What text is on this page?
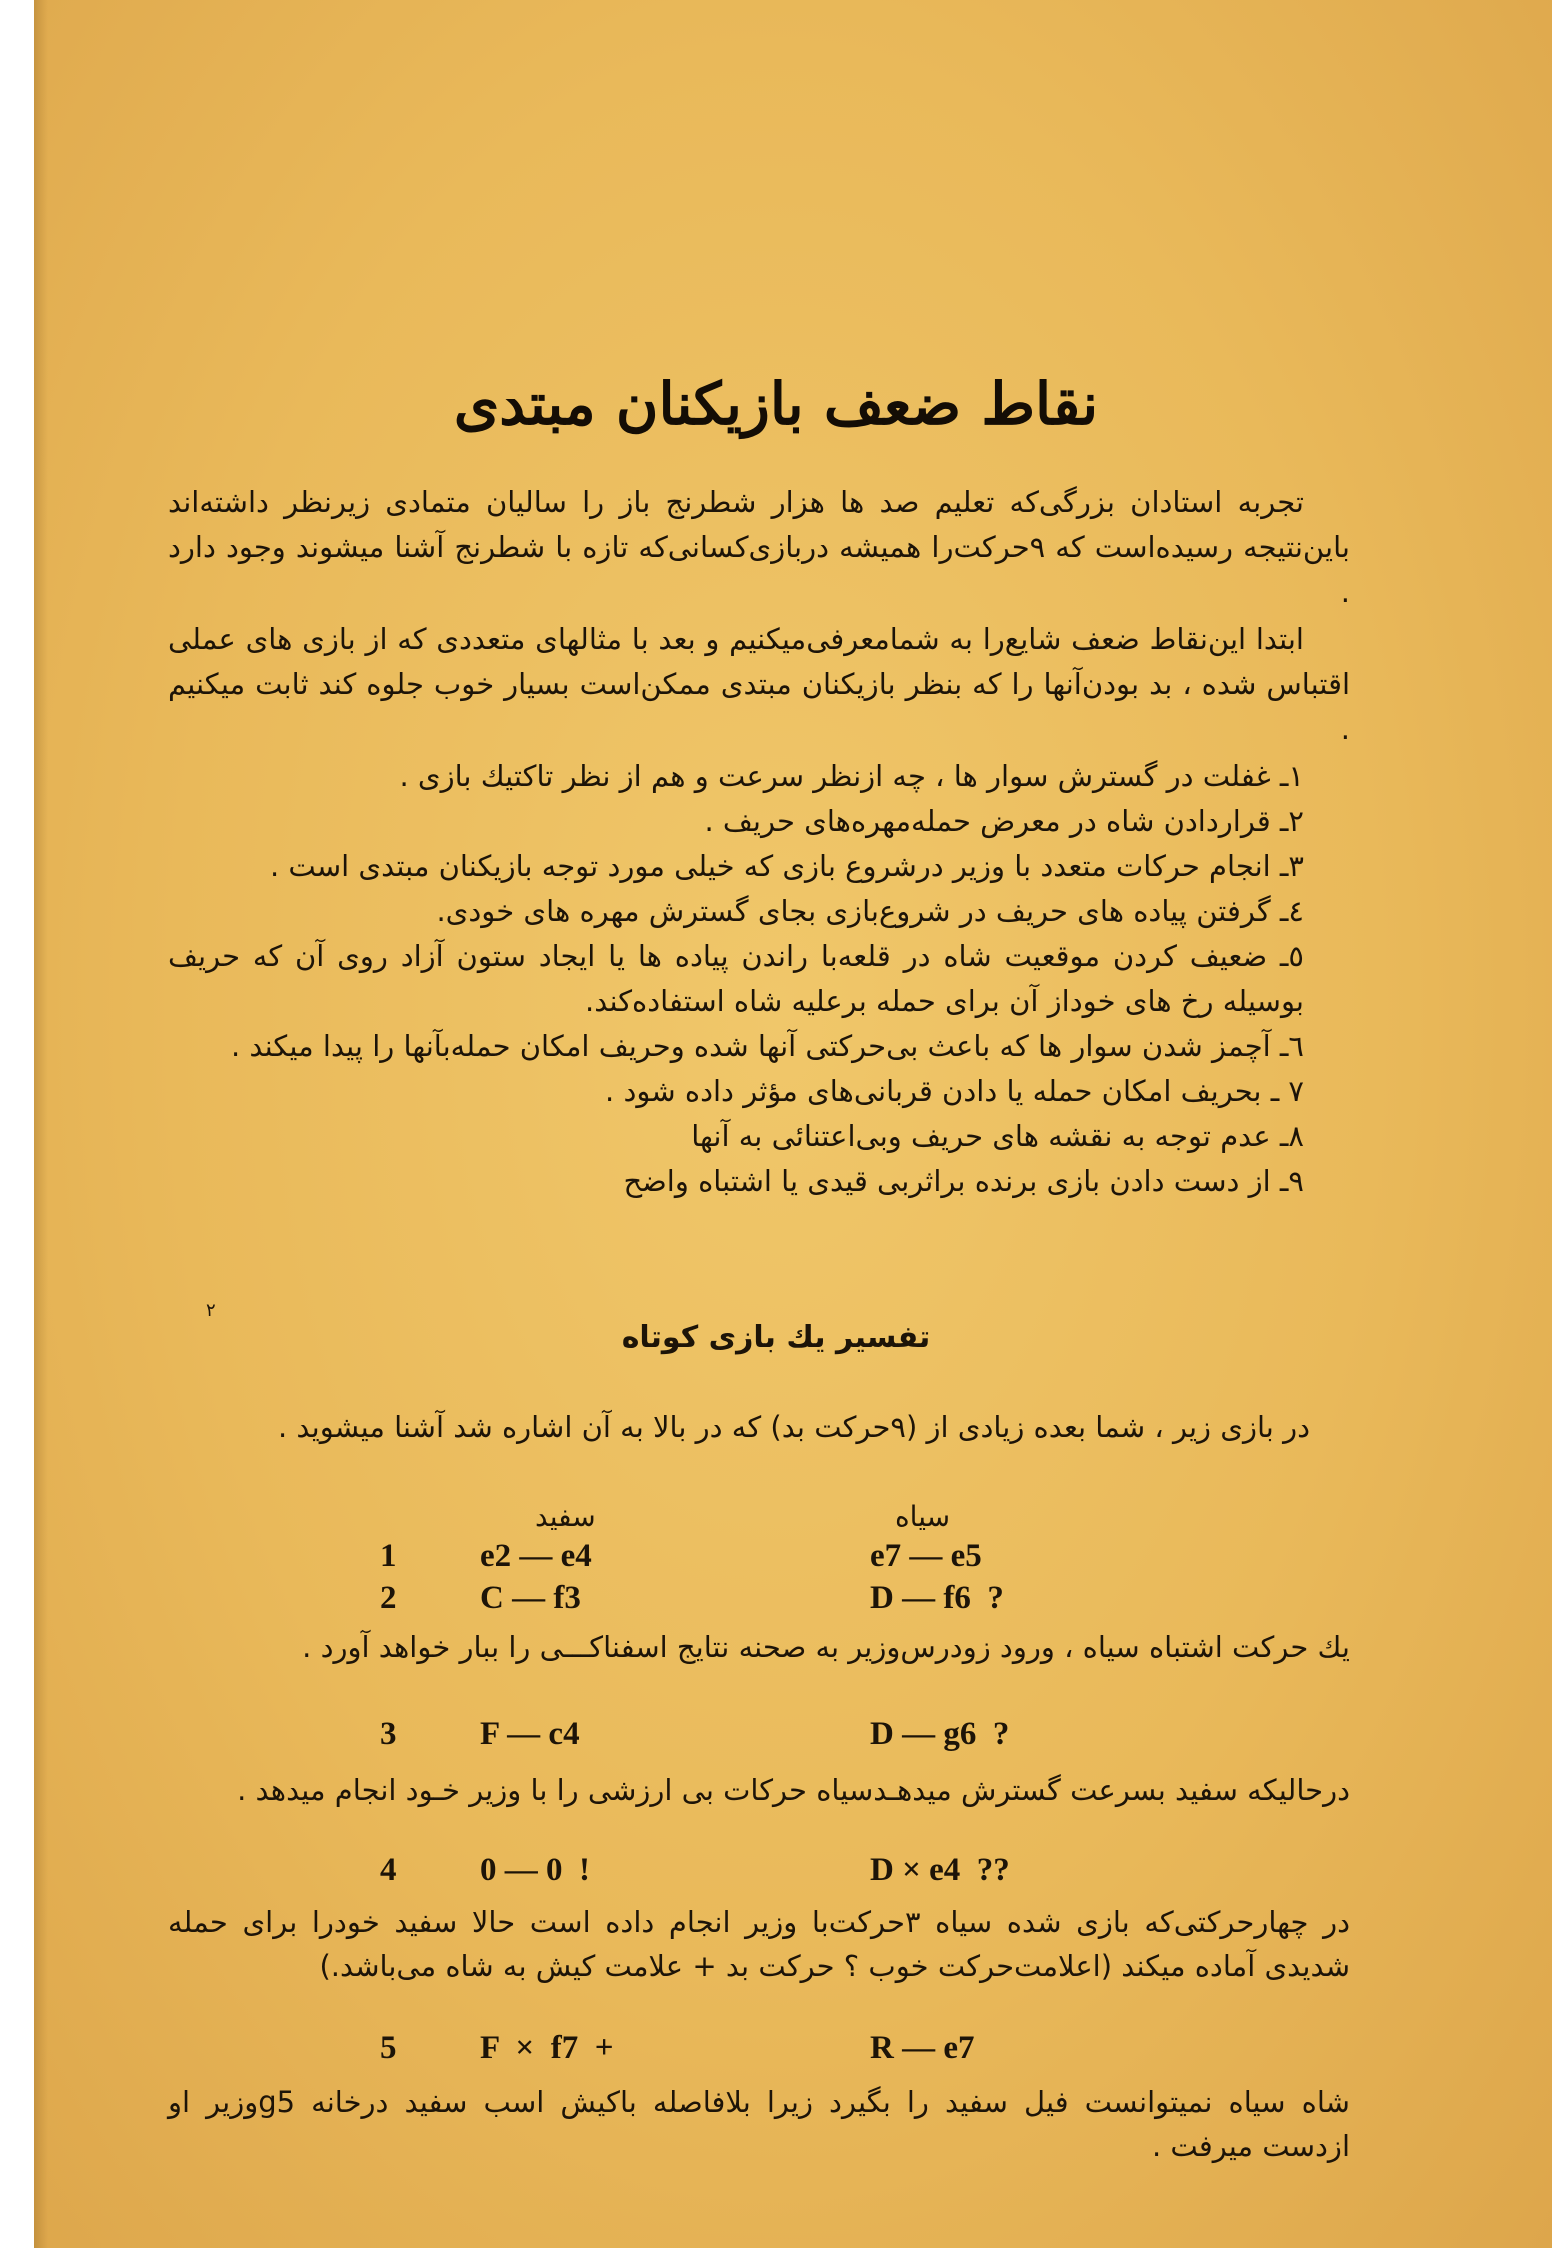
نقاط ضعف بازیکنان مبتدی

تجربه استادان بزرگی‌که تعلیم صد ها هزار شطرنج باز را سالیان متمادی زیرنظر داشته‌اند باین‌نتیجه رسیده‌است که ۹حرکت‌را همیشه دربازی‌کسانی‌که تازه با شطرنج آشنا میشوند وجود دارد .

ابتدا این‌نقاط ضعف شایع‌را به شمامعرفی‌میکنیم و بعد با مثالهای متعددی که از بازی های عملی اقتباس شده ، بد بودن‌آنها را که بنظر بازیکنان مبتدی ممکن‌است بسیار خوب جلوه کند ثابت میکنیم .

۱ـ غفلت در گسترش سوار ها ، چه ازنظر سرعت و هم از نظر تاکتیك بازی .

۲ـ قراردادن شاه در معرض حمله‌مهره‌های حریف .

۳ـ انجام حرکات متعدد با وزیر درشروع بازی که خیلی مورد توجه بازیکنان مبتدی است .

٤ـ گرفتن پیاده های حریف در شروع‌بازی بجای گسترش مهره های خودی.

٥ـ ضعیف کردن موقعیت شاه در قلعه‌با راندن پیاده ها یا ایجاد ستون آزاد روی آن که حریف بوسیله رخ های خوداز آن برای حمله برعلیه شاه استفاده‌کند.

٦ـ آچمز شدن سوار ها که باعث بی‌حرکتی آنها شده وحریف امکان حمله‌بآنها را پیدا میکند .

۷ ـ بحریف امکان حمله یا دادن قربانی‌های مؤثر داده شود .

۸ـ عدم توجه به نقشه های حریف وبی‌اعتنائی به آنها

۹ـ از دست دادن بازی برنده براثربی قیدی یا اشتباه واضح

٢
تفسیر یك بازی کوتاه

در بازی زیر ، شما بعده زیادی از (۹حرکت بد) که در بالا به آن اشاره شد آشنا میشوید .

سفید	سیاه
1	e2 — e4	e7 — e5
2	C — f3	D — f6  ?

یك حرکت اشتباه سیاه ، ورود زودرس‌وزیر به صحنه نتایج اسفناکـــی را ببار خواهد آورد .

3	F — c4	D — g6  ?

درحالیکه سفید بسرعت گسترش میدهـدسیاه حرکات بی ارزشی را با وزیر خـود انجام میدهد .

4	0 — 0  !	D × e4  ??

در چهارحرکتی‌که بازی شده سیاه ۳حرکت‌با وزیر انجام داده است حالا سفید خودرا برای حمله شدیدی آماده میکند (اعلامت‌حرکت خوب ؟ حرکت بد + علامت کیش به شاه می‌باشد.)

5	F  ×  f7  +	R — e7

شاه سیاه نمیتوانست فیل سفید را بگیرد زیرا بلافاصله باکیش اسب سفید درخانه g5وزیر او ازدست میرفت .
